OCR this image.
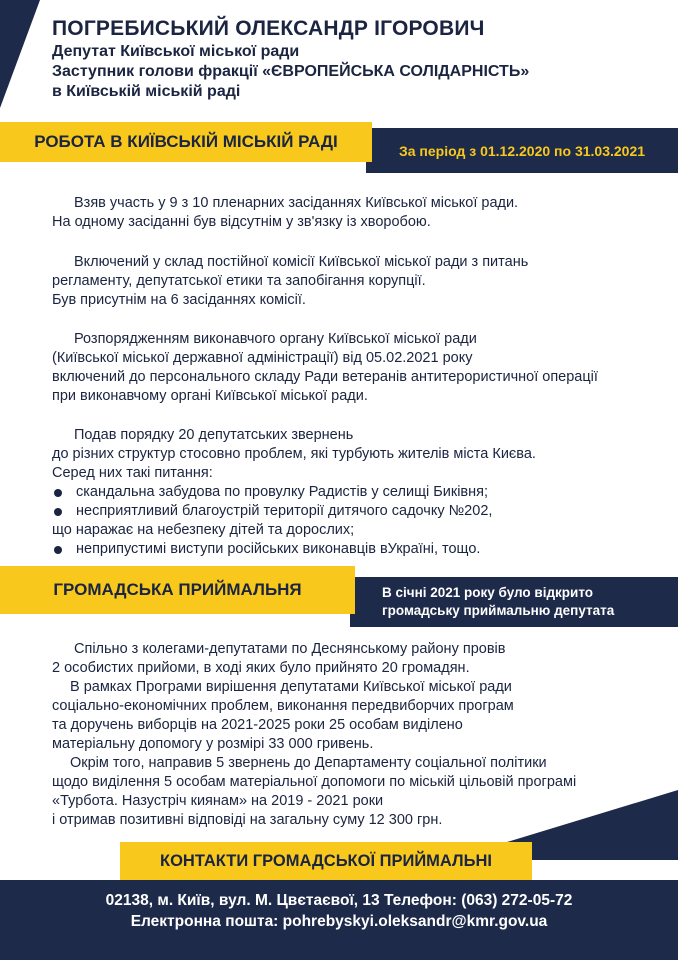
ПОГРЕБИСЬКИЙ ОЛЕКСАНДР ІГОРОВИЧ
Депутат Київської міської ради
Заступник голови фракції «ЄВРОПЕЙСЬКА СОЛІДАРНІСТЬ»
в Київській міській раді
За період з 01.12.2020 по 31.03.2021
РОБОТА В КИЇВСЬКІЙ МІСЬКІЙ РАДІ

Взяв участь у 9 з 10 пленарних засіданнях Київської міської ради.

На одному засіданні був відсутнім у зв'язку із хворобою.

Включений у склад постійної комісії Київської міської ради з питань

регламенту, депутатської етики та запобігання корупції.

Був присутнім на 6 засіданнях комісії.

Розпорядженням виконавчого органу Київської міської ради

(Київської міської державної адміністрації) від 05.02.2021 року

включений до персонального складу Ради ветеранів антитерористичної операції

при виконавчому органі Київської міської ради.

Подав порядку 20 депутатських звернень

до різних структур стосовно проблем, які турбують жителів міста Києва.

Серед них такі питання:

скандальна забудова по провулку Радистів у селищі Биківня;

несприятливий благоустрій території дитячого садочку №202,

що наражає на небезпеку дітей та дорослих;

неприпустимі виступи російських виконавців вУкраїні, тощо.

В січні 2021 року було відкрито
громадську приймальню депутата
ГРОМАДСЬКА ПРИЙМАЛЬНЯ

Спільно з колегами-депутатами по Деснянському району провів

2 особистих прийоми, в ході яких було прийнято 20 громадян.

В рамках Програми вирішення депутатами Київської міської ради

соціально-економічних проблем, виконання передвиборчих програм

та доручень виборців на 2021-2025 роки 25 особам виділено

матеріальну допомогу у розмірі 33 000 гривень.

Окрім того, направив 5 звернень до Департаменту соціальної політики

щодо виділення 5 особам матеріальної допомоги по міській цільовій програмі

«Турбота. Назустріч киянам» на 2019 - 2021 роки

і отримав позитивні відповіді на загальну суму 12 300 грн.

02138, м. Київ, вул. М. Цвєтаєвої, 13 Телефон: (063) 272-05-72
Електронна пошта: pohrebyskyi.oleksandr@kmr.gov.ua
КОНТАКТИ ГРОМАДСЬКОЇ ПРИЙМАЛЬНІ
